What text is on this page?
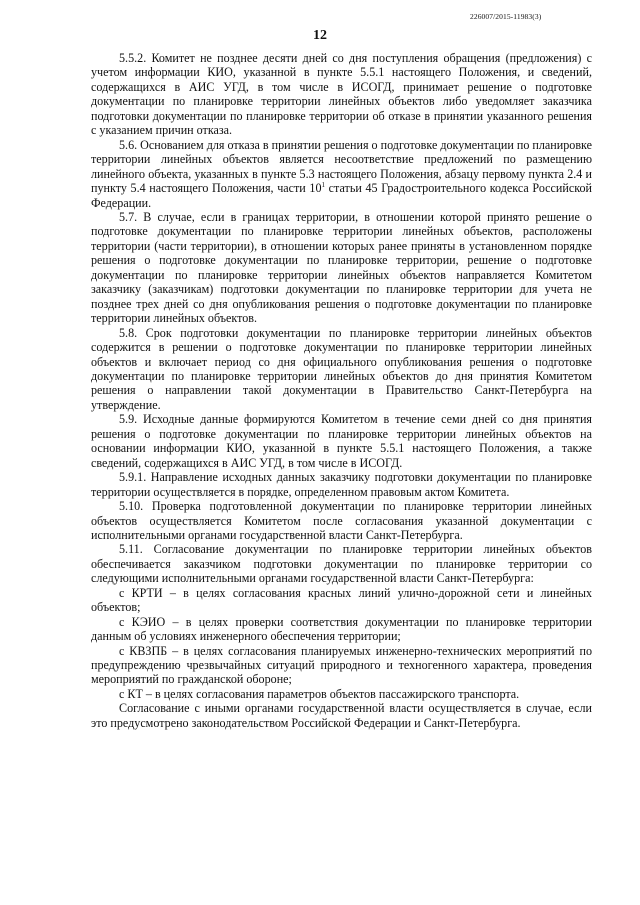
226007/2015-11983(3)
12

5.5.2. Комитет не позднее десяти дней со дня поступления обращения (предложения) с учетом информации КИО, указанной в пункте 5.5.1 настоящего Положения, и сведений, содержащихся в АИС УГД, в том числе в ИСОГД, принимает решение о подготовке документации по планировке территории линейных объектов либо уведомляет заказчика подготовки документации по планировке территории об отказе в принятии указанного решения с указанием причин отказа.

5.6. Основанием для отказа в принятии решения о подготовке документации по планировке территории линейных объектов является несоответствие предложений по размещению линейного объекта, указанных в пункте 5.3 настоящего Положения, абзацу первому пункта 2.4 и пункту 5.4 настоящего Положения, части $10^1$ статьи 45 Градостроительного кодекса Российской Федерации.

5.7. В случае, если в границах территории, в отношении которой принято решение о подготовке документации по планировке территории линейных объектов, расположены территории (части территории), в отношении которых ранее приняты в установленном порядке решения о подготовке документации по планировке территории, решение о подготовке документации по планировке территории линейных объектов направляется Комитетом заказчику (заказчикам) подготовки документации по планировке территории для учета не позднее трех дней со дня опубликования решения о подготовке документации по планировке территории линейных объектов.

5.8. Срок подготовки документации по планировке территории линейных объектов содержится в решении о подготовке документации по планировке территории линейных объектов и включает период со дня официального опубликования решения о подготовке документации по планировке территории линейных объектов до дня принятия Комитетом решения о направлении такой документации в Правительство Санкт-Петербурга на утверждение.

5.9. Исходные данные формируются Комитетом в течение семи дней со дня принятия решения о подготовке документации по планировке территории линейных объектов на основании информации КИО, указанной в пункте 5.5.1 настоящего Положения, а также сведений, содержащихся в АИС УГД, в том числе в ИСОГД.

5.9.1. Направление исходных данных заказчику подготовки документации по планировке территории осуществляется в порядке, определенном правовым актом Комитета.

5.10. Проверка подготовленной документации по планировке территории линейных объектов осуществляется Комитетом после согласования указанной документации с исполнительными органами государственной власти Санкт-Петербурга.

5.11. Согласование документации по планировке территории линейных объектов обеспечивается заказчиком подготовки документации по планировке территории со следующими исполнительными органами государственной власти Санкт-Петербурга:

с КРТИ – в целях согласования красных линий улично-дорожной сети и линейных объектов;

с КЭИО – в целях проверки соответствия документации по планировке территории данным об условиях инженерного обеспечения территории;

с КВЗПБ – в целях согласования планируемых инженерно-технических мероприятий по предупреждению чрезвычайных ситуаций природного и техногенного характера, проведения мероприятий по гражданской обороне;

с КТ – в целях согласования параметров объектов пассажирского транспорта.

Согласование с иными органами государственной власти осуществляется в случае, если это предусмотрено законодательством Российской Федерации и Санкт-Петербурга.
